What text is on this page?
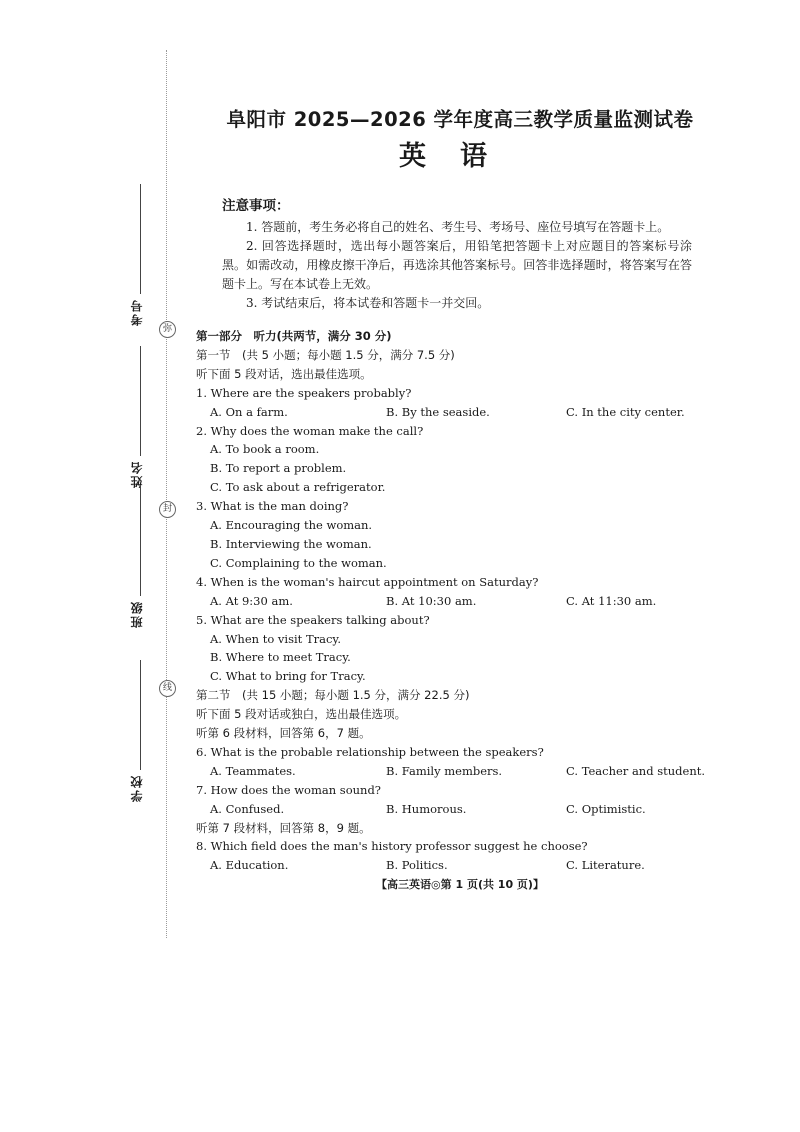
弥
封
线
考号
姓名
班级
学校
阜阳市 2025—2026 学年度高三教学质量监测试卷
英语
注意事项：

1. 答题前，考生务必将自己的姓名、考生号、考场号、座位号填写在答题卡上。

2. 回答选择题时，选出每小题答案后，用铅笔把答题卡上对应题目的答案标号涂黑。如需改动，用橡皮擦干净后，再选涂其他答案标号。回答非选择题时，将答案写在答题卡上。写在本试卷上无效。

3. 考试结束后，将本试卷和答题卡一并交回。

第一部分　听力(共两节，满分 30 分)
第一节　(共 5 小题；每小题 1.5 分，满分 7.5 分)
听下面 5 段对话，选出最佳选项。
1. Where are the speakers probably?
A. On a farm.	B. By the seaside.	C. In the city center.
2. Why does the woman make the call?
A. To book a room.
B. To report a problem.
C. To ask about a refrigerator.
3. What is the man doing?
A. Encouraging the woman.
B. Interviewing the woman.
C. Complaining to the woman.
4. When is the woman's haircut appointment on Saturday?
A. At 9:30 am.	B. At 10:30 am.	C. At 11:30 am.
5. What are the speakers talking about?
A. When to visit Tracy.
B. Where to meet Tracy.
C. What to bring for Tracy.
第二节　(共 15 小题；每小题 1.5 分，满分 22.5 分)
听下面 5 段对话或独白，选出最佳选项。
听第 6 段材料，回答第 6，7 题。
6. What is the probable relationship between the speakers?
A. Teammates.	B. Family members.	C. Teacher and student.
7. How does the woman sound?
A. Confused.	B. Humorous.	C. Optimistic.
听第 7 段材料，回答第 8，9 题。
8. Which field does the man's history professor suggest he choose?
A. Education.	B. Politics.	C. Literature.
【高三英语◎第 1 页(共 10 页)】
